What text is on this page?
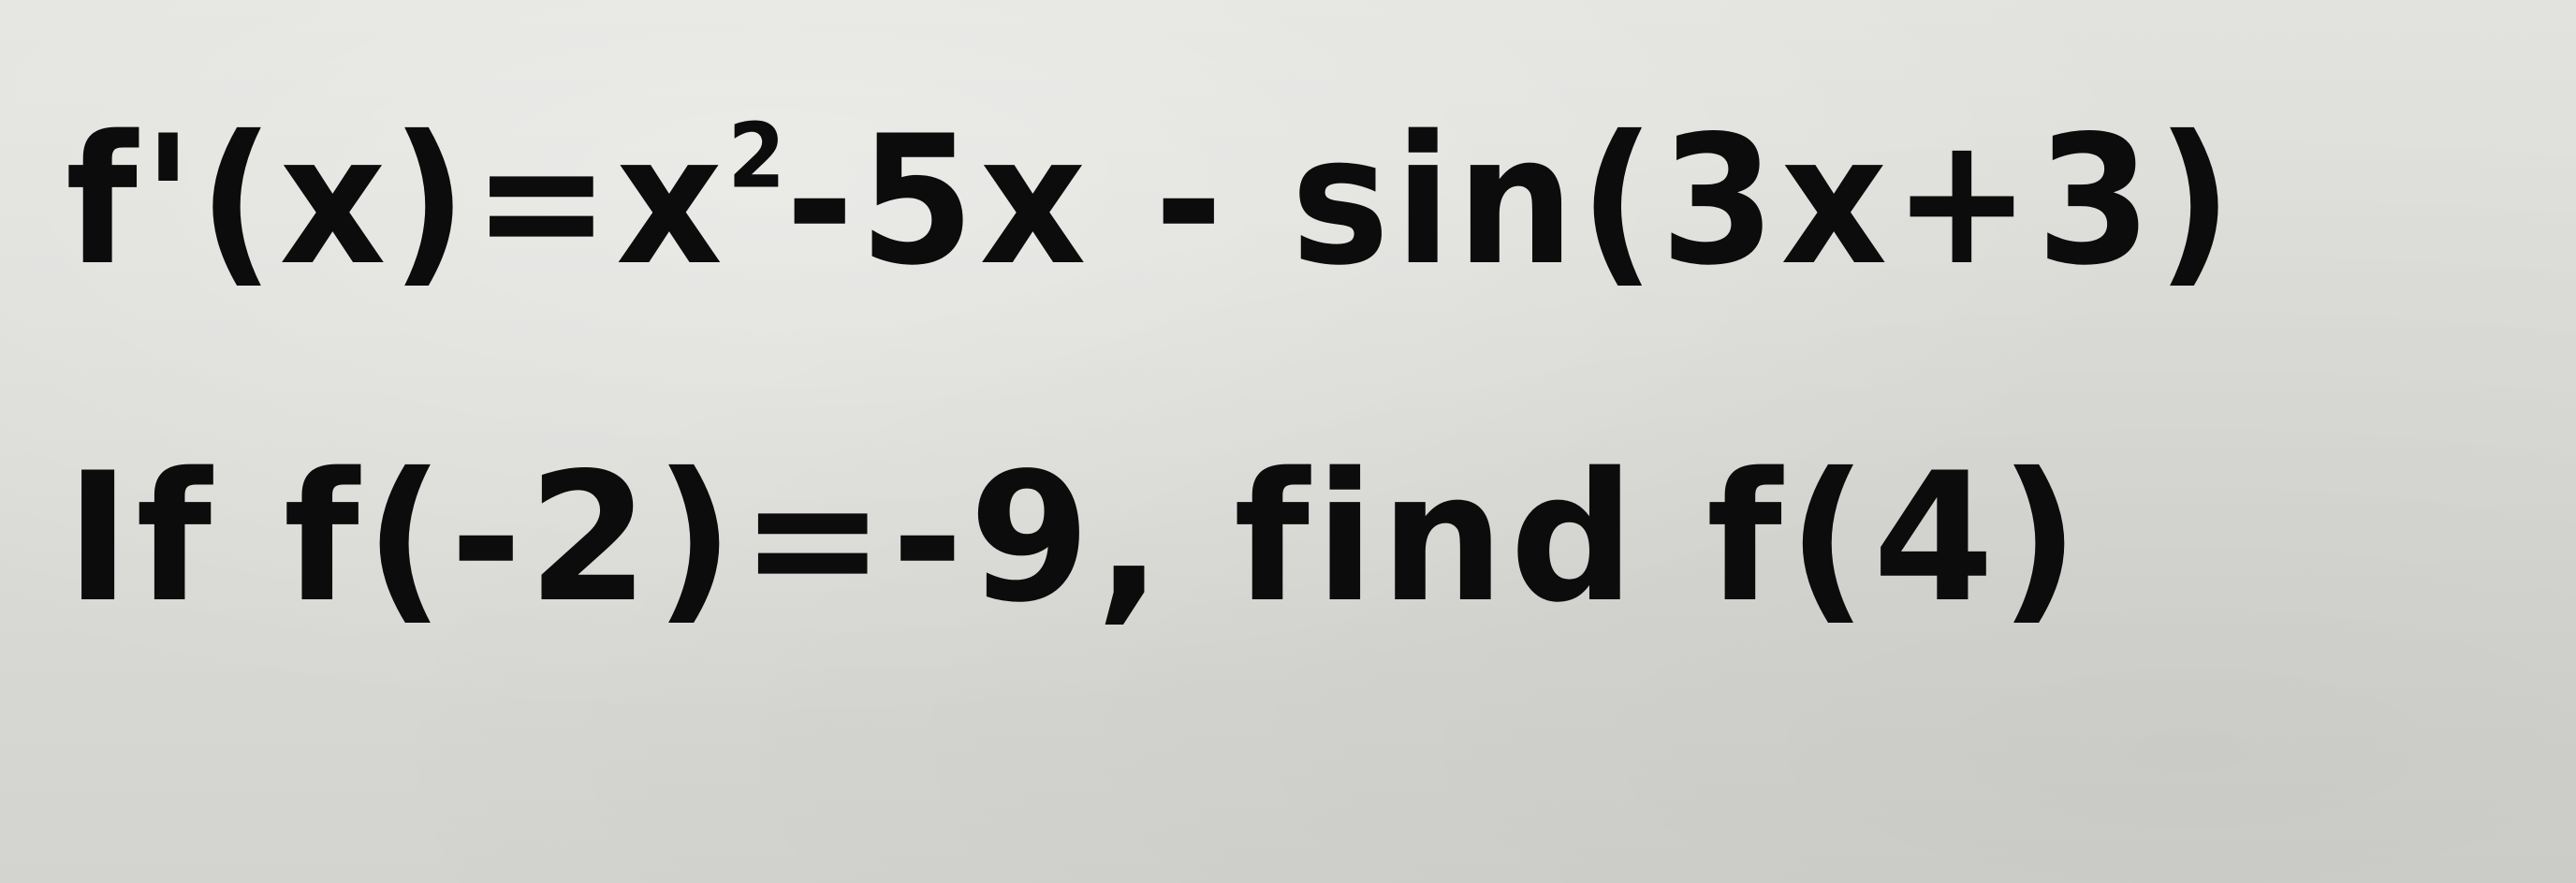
$f'(x)=x^2-5x - \sin(3x+3)$

If f(-2)=-9, find f(4)
